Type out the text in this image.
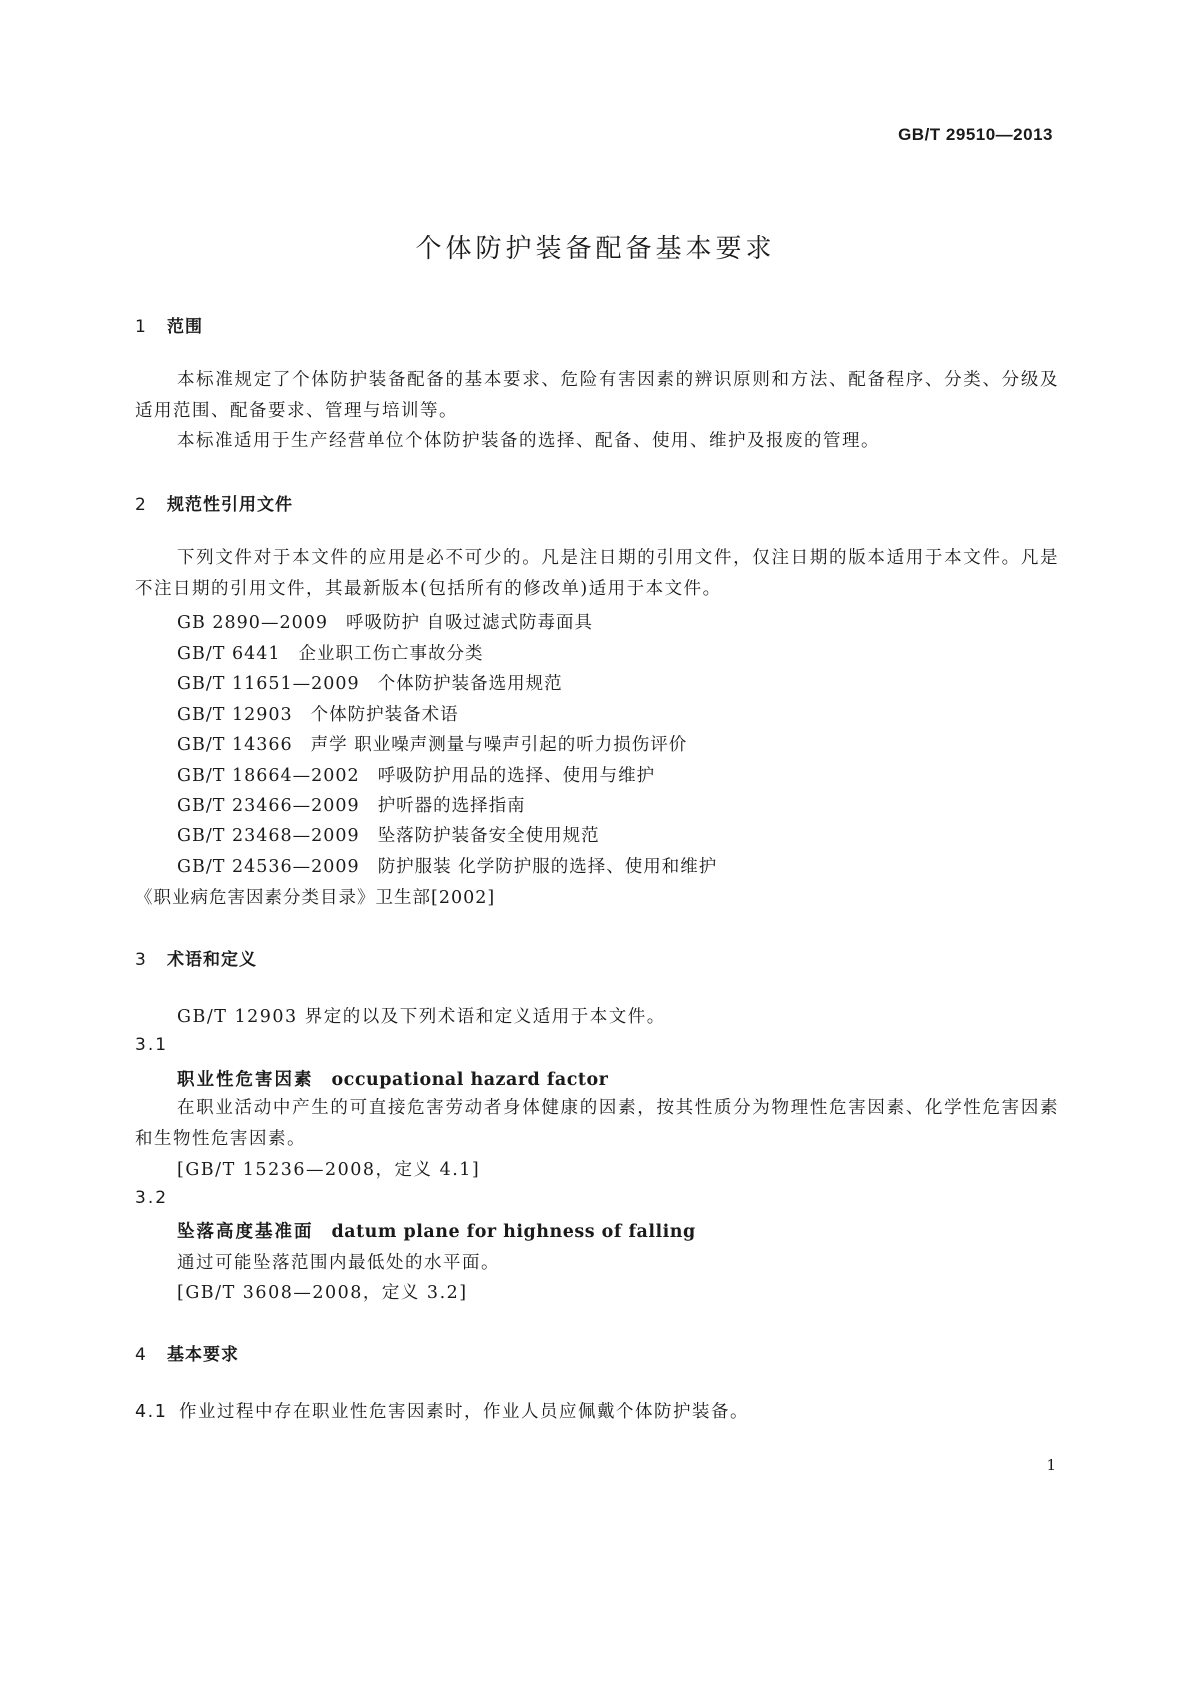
GB/T 29510—2013
个体防护装备配备基本要求
1 范围

本标准规定了个体防护装备配备的基本要求、危险有害因素的辨识原则和方法、配备程序、分类、分级及适用范围、配备要求、管理与培训等。

本标准适用于生产经营单位个体防护装备的选择、配备、使用、维护及报废的管理。

2 规范性引用文件

下列文件对于本文件的应用是必不可少的。凡是注日期的引用文件，仅注日期的版本适用于本文件。凡是不注日期的引用文件，其最新版本(包括所有的修改单)适用于本文件。

GB 2890—2009 呼吸防护 自吸过滤式防毒面具
GB/T 6441 企业职工伤亡事故分类
GB/T 11651—2009 个体防护装备选用规范
GB/T 12903 个体防护装备术语
GB/T 14366 声学 职业噪声测量与噪声引起的听力损伤评价
GB/T 18664—2002 呼吸防护用品的选择、使用与维护
GB/T 23466—2009 护听器的选择指南
GB/T 23468—2009 坠落防护装备安全使用规范
GB/T 24536—2009 防护服装 化学防护服的选择、使用和维护
《职业病危害因素分类目录》卫生部[2002]
3 术语和定义
GB/T 12903 界定的以及下列术语和定义适用于本文件。
3.1
职业性危害因素 occupational hazard factor

在职业活动中产生的可直接危害劳动者身体健康的因素，按其性质分为物理性危害因素、化学性危害因素和生物性危害因素。

[GB/T 15236—2008，定义 4.1]
3.2
坠落高度基准面 datum plane for highness of falling
通过可能坠落范围内最低处的水平面。
[GB/T 3608—2008，定义 3.2]
4 基本要求
4.1 作业过程中存在职业性危害因素时，作业人员应佩戴个体防护装备。
1
